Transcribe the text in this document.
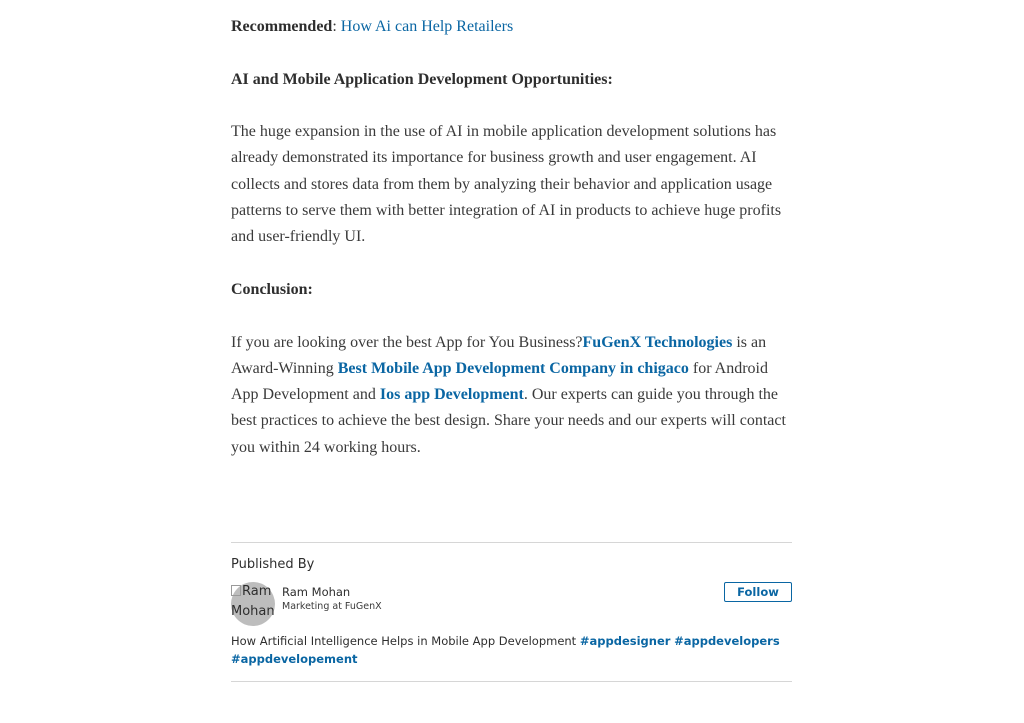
Recommended: How Ai can Help Retailers

AI and Mobile Application Development Opportunities:

The huge expansion in the use of AI in mobile application development solutions has already demonstrated its importance for business growth and user engagement. AI collects and stores data from them by analyzing their behavior and application usage patterns to serve them with better integration of AI in products to achieve huge profits and user-friendly UI.

Conclusion:

If you are looking over the best App for You Business?FuGenX Technologies is an Award-Winning Best Mobile App Development Company in chigaco for Android App Development and Ios app Development. Our experts can guide you through the best practices to achieve the best design. Share your needs and our experts will contact you within 24 working hours.

Published By
Ram Mohan
Ram Mohan
Marketing at FuGenX
Follow
How Artificial Intelligence Helps in Mobile App Development #appdesigner #appdevelopers #appdevelopement
